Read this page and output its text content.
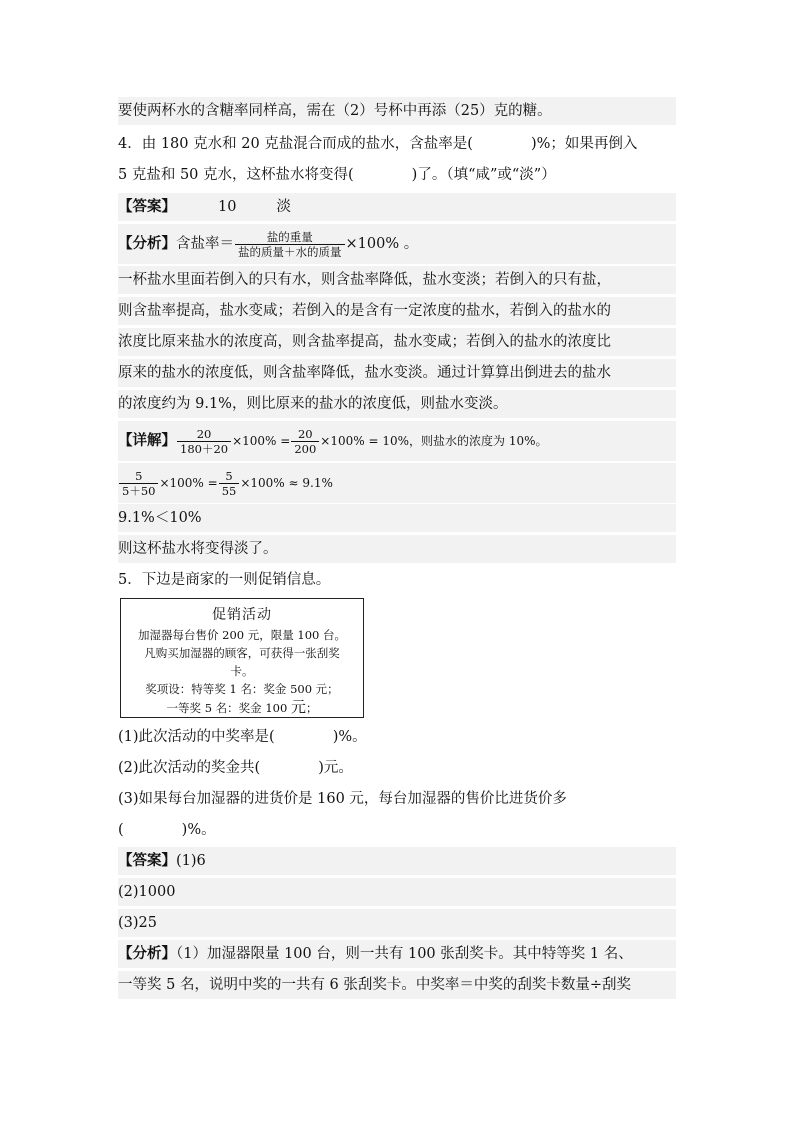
要使两杯水的含糖率同样高，需在（2）号杯中再添（25）克的糖。
4．由 180 克水和 20 克盐混合而成的盐水，含盐率是(　　　　)%；如果再倒入
5 克盐和 50 克水，这杯盐水将变得(　　　　)了。（填“咸”或“淡”）
【答案】	10	淡
【分析】含盐率＝ $\frac{\text{盐的重量}}{\text{盐的质量＋水的质量}} \times 100\%$ 。
一杯盐水里面若倒入的只有水，则含盐率降低，盐水变淡；若倒入的只有盐，
则含盐率提高，盐水变咸；若倒入的是含有一定浓度的盐水，若倒入的盐水的
浓度比原来盐水的浓度高，则含盐率提高，盐水变咸；若倒入的盐水的浓度比
原来的盐水的浓度低，则含盐率降低，盐水变淡。通过计算算出倒进去的盐水
的浓度约为 9.1%，则比原来的盐水的浓度低，则盐水变淡。
【详解】 $\frac{20}{180+20} \times 100\% = \frac{20}{200} \times 100\% = 10\%$，则盐水的浓度为 10%。
$\frac{5}{5+50} \times 100\% = \frac{5}{55} \times 100\% \approx 9.1\%$
9.1%＜10%
则这杯盐水将变得淡了。
5．下边是商家的一则促销信息。
促销活动
加湿器每台售价 200 元，限量 100 台。
凡购买加湿器的顾客，可获得一张刮奖
卡。
奖项设：特等奖 1 名：奖金 500 元；
一等奖 5 名：奖金 100 元；
(1)此次活动的中奖率是(　　　　)%。
(2)此次活动的奖金共(　　　　)元。
(3)如果每台加湿器的进货价是 160 元，每台加湿器的售价比进货价多
(　　　　)%。
【答案】(1)6
(2)1000
(3)25
【分析】（1）加湿器限量 100 台，则一共有 100 张刮奖卡。其中特等奖 1 名、
一等奖 5 名，说明中奖的一共有 6 张刮奖卡。中奖率＝中奖的刮奖卡数量÷刮奖
